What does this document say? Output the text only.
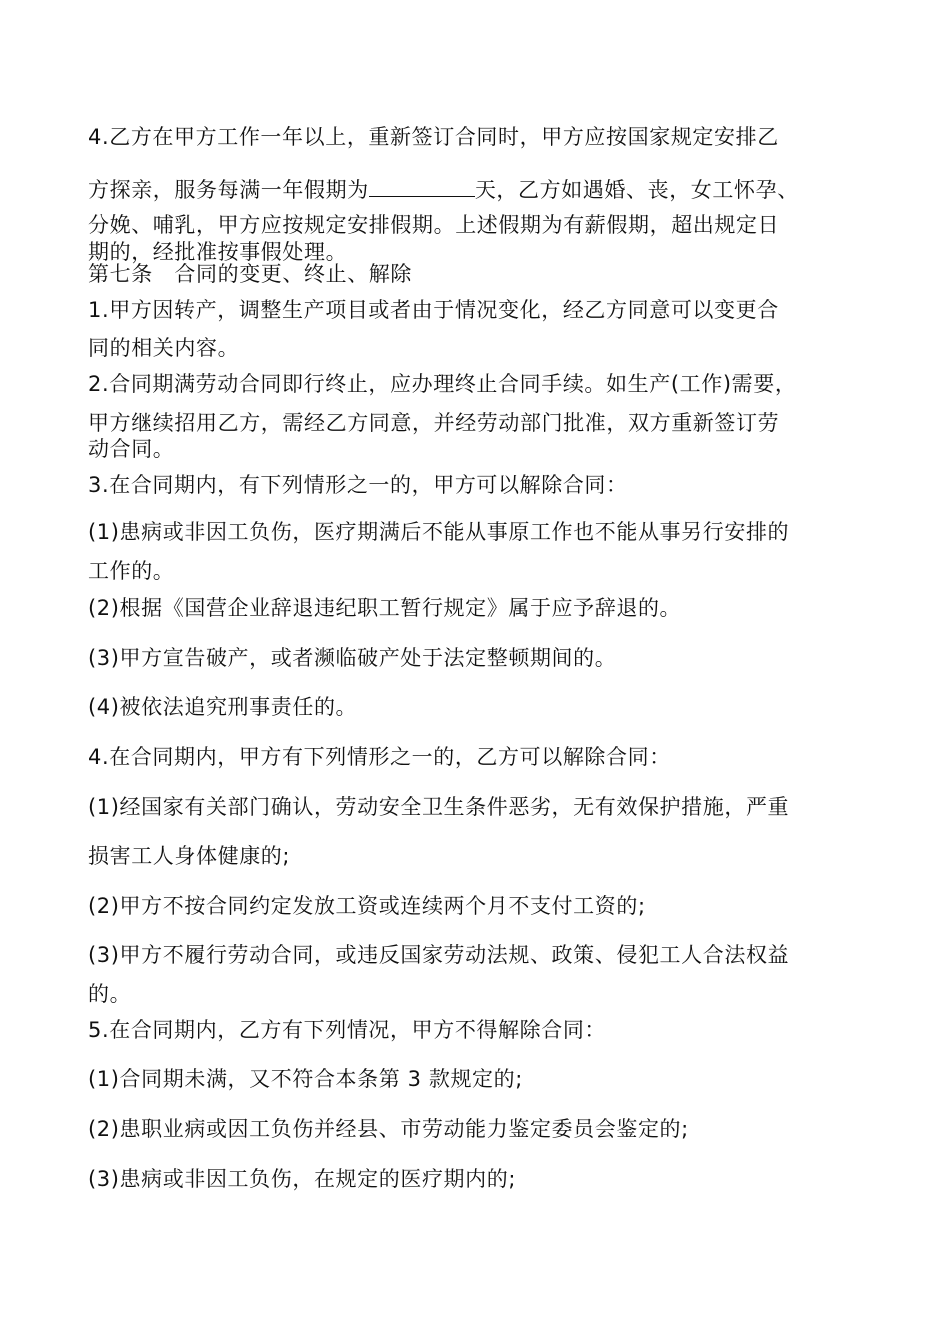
4.乙方在甲方工作一年以上，重新签订合同时，甲方应按国家规定安排乙

方探亲，服务每满一年假期为	天，乙方如遇婚、丧，女工怀孕、

分娩、哺乳，甲方应按规定安排假期。上述假期为有薪假期，超出规定日

期的，经批准按事假处理。

第七条　合同的变更、终止、解除

1.甲方因转产，调整生产项目或者由于情况变化，经乙方同意可以变更合

同的相关内容。

2.合同期满劳动合同即行终止，应办理终止合同手续。如生产(工作)需要，

甲方继续招用乙方，需经乙方同意，并经劳动部门批准，双方重新签订劳

动合同。

3.在合同期内，有下列情形之一的，甲方可以解除合同：

(1)患病或非因工负伤，医疗期满后不能从事原工作也不能从事另行安排的

工作的。

(2)根据《国营企业辞退违纪职工暂行规定》属于应予辞退的。

(3)甲方宣告破产，或者濒临破产处于法定整顿期间的。

(4)被依法追究刑事责任的。

4.在合同期内，甲方有下列情形之一的，乙方可以解除合同：

(1)经国家有关部门确认，劳动安全卫生条件恶劣，无有效保护措施，严重

损害工人身体健康的;

(2)甲方不按合同约定发放工资或连续两个月不支付工资的;

(3)甲方不履行劳动合同，或违反国家劳动法规、政策、侵犯工人合法权益

的。

5.在合同期内，乙方有下列情况，甲方不得解除合同：

(1)合同期未满，又不符合本条第 3 款规定的;

(2)患职业病或因工负伤并经县、市劳动能力鉴定委员会鉴定的;

(3)患病或非因工负伤，在规定的医疗期内的;
